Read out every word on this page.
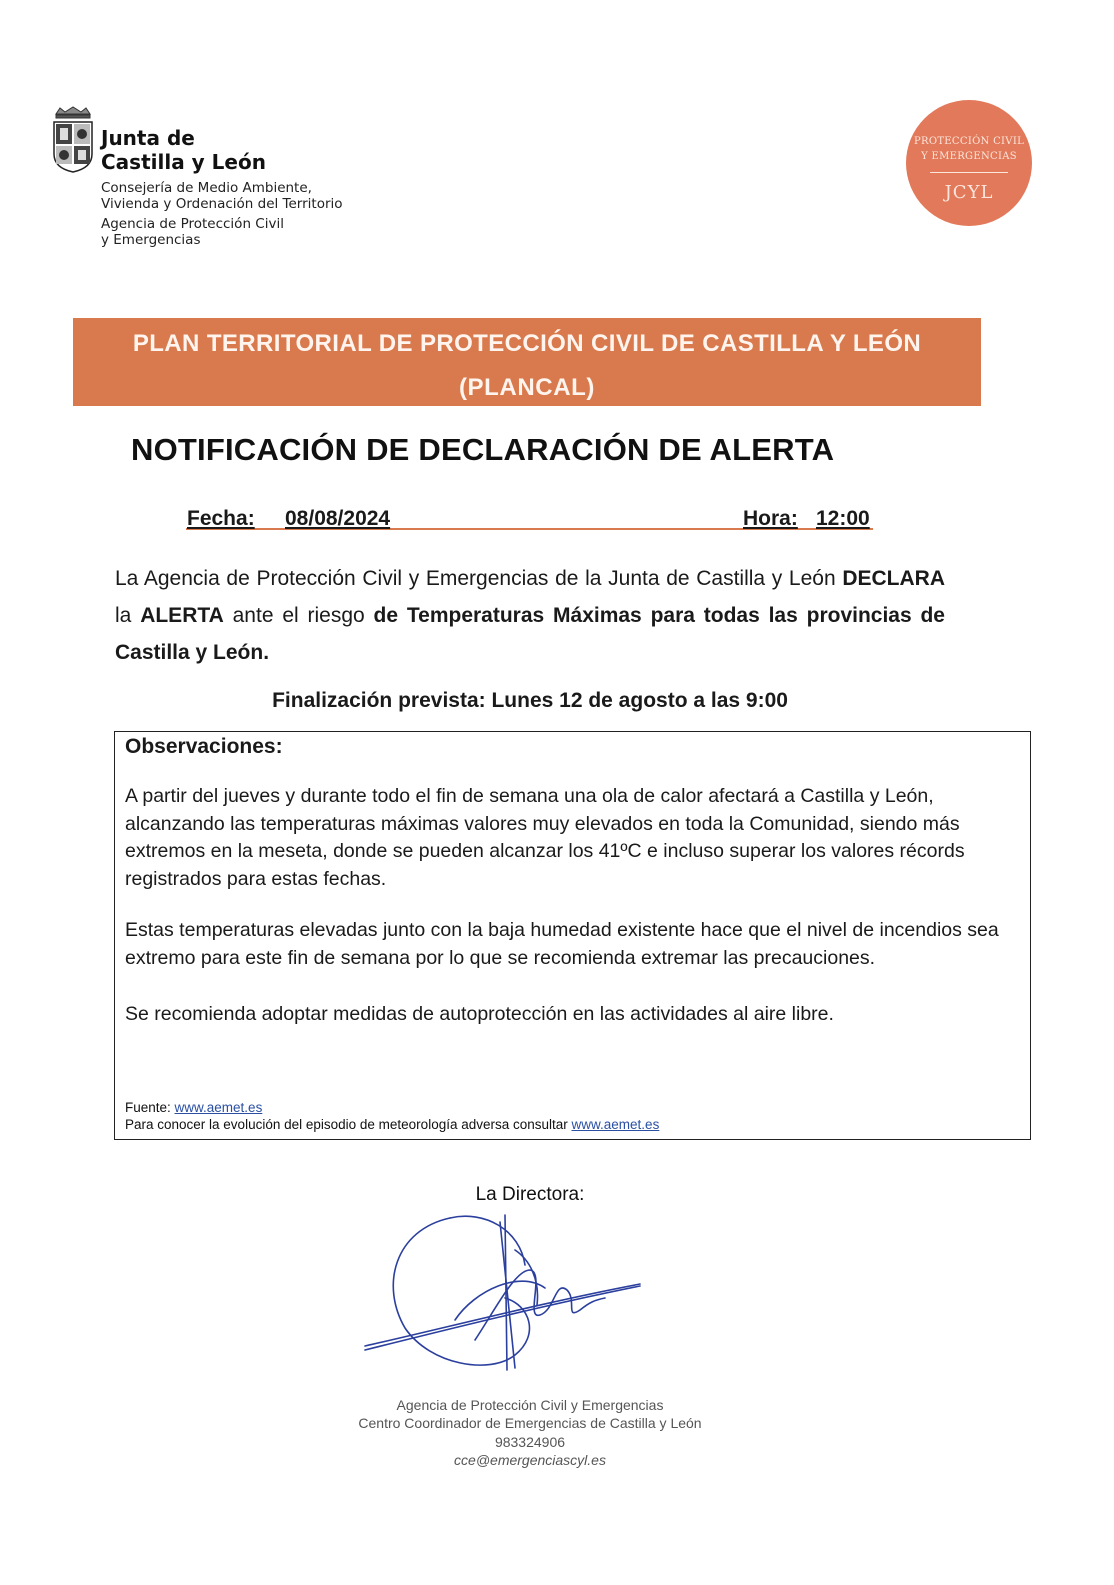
Junta de
Castilla y León
Consejería de Medio Ambiente,
Vivienda y Ordenación del Territorio
Agencia de Protección Civil
y Emergencias
PROTECCIÓN CIVIL
Y EMERGENCIAS
JCYL
PLAN TERRITORIAL DE PROTECCIÓN CIVIL DE CASTILLA Y LEÓN
(PLANCAL)
NOTIFICACIÓN DE DECLARACIÓN DE ALERTA
Fecha: 08/08/2024	Hora: 12:00
La Agencia de Protección Civil y Emergencias de la Junta de Castilla y León DECLARA la ALERTA ante el riesgo de Temperaturas Máximas para todas las provincias de Castilla y León.
Finalización prevista: Lunes 12 de agosto a las 9:00
Observaciones:
A partir del jueves y durante todo el fin de semana una ola de calor afectará a Castilla y León, alcanzando las temperaturas máximas valores muy elevados en toda la Comunidad, siendo más extremos en la meseta, donde se pueden alcanzar los 41ºC e incluso superar los valores récords registrados para estas fechas.
Estas temperaturas elevadas junto con la baja humedad existente hace que el nivel de incendios sea extremo para este fin de semana por lo que se recomienda extremar las precauciones.
Se recomienda adoptar medidas de autoprotección en las actividades al aire libre.
Fuente: www.aemet.es
Para conocer la evolución del episodio de meteorología adversa consultar www.aemet.es
La Directora:
Agencia de Protección Civil y Emergencias
Centro Coordinador de Emergencias de Castilla y León
983324906
cce@emergenciascyl.es
